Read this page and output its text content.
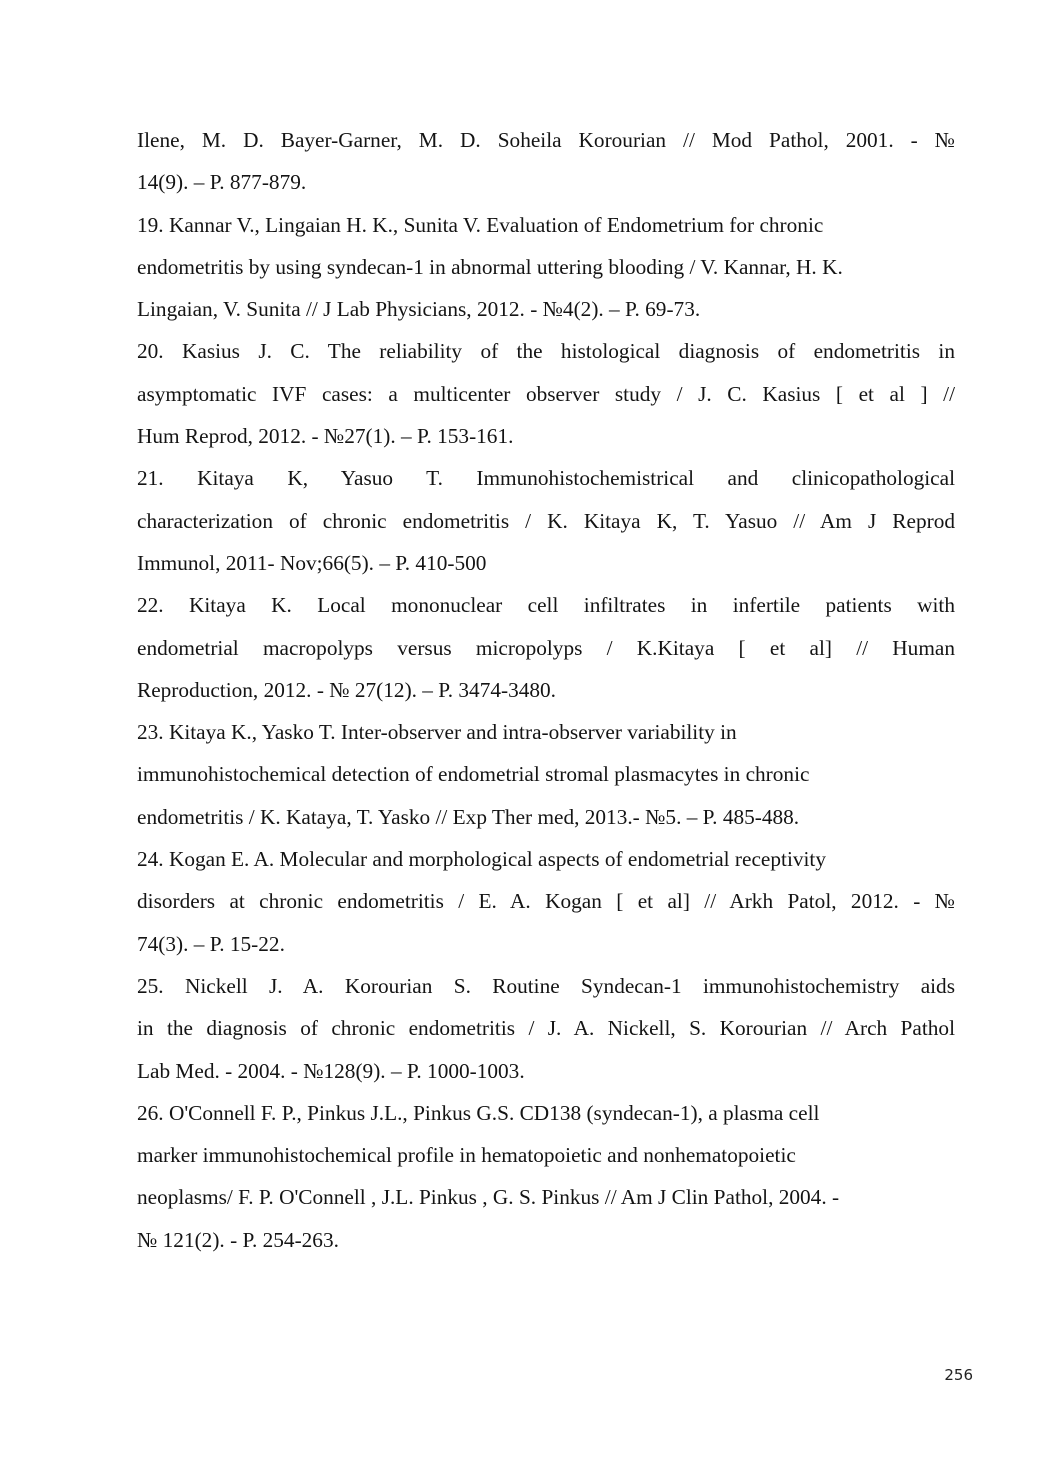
Ilene, M. D. Bayer-Garner, M. D. Soheila Korourian // Mod Pathol, 2001. - №
14(9). – P. 877-879.
19. Kannar V., Lingaian H. K., Sunita V. Evaluation of Endometrium for chronic
endometritis by using syndecan-1 in abnormal uttering blooding / V. Kannar, H. K.
Lingaian, V. Sunita // J Lab Physicians, 2012. - №4(2). – P. 69-73.
20. Kasius J. C. The reliability of the histological diagnosis of endometritis in
asymptomatic IVF cases: a multicenter observer study / J. C. Kasius [ et al ] //
Hum Reprod, 2012. - №27(1). – P. 153-161.
21. Kitaya K, Yasuo T. Immunohistochemistrical and clinicopathological
characterization of chronic endometritis / K. Kitaya K, T. Yasuo // Am J Reprod
Immunol, 2011- Nov;66(5). – P. 410-500
22. Kitaya K. Local mononuclear cell infiltrates in infertile patients with
endometrial macropolyps versus micropolyps / K.Kitaya [ et al] // Human
Reproduction, 2012. - № 27(12). – P. 3474-3480.
23. Kitaya K., Yasko T. Inter-observer and intra-observer variability in
immunohistochemical detection of endometrial stromal plasmacytes in chronic
endometritis / K. Kataya, T. Yasko // Exp Ther med, 2013.- №5. – P. 485-488.
24. Kogan E. A. Molecular and morphological aspects of endometrial receptivity
disorders at chronic endometritis / E. A. Kogan [ et al] // Arkh Patol, 2012. - №
74(3). – P. 15-22.
25. Nickell J. A. Korourian S. Routine Syndecan-1 immunohistochemistry aids
in the diagnosis of chronic endometritis / J. A. Nickell, S. Korourian // Arch Pathol
Lab Med. - 2004. - №128(9). – P. 1000-1003.
26. O'Connell F. P., Pinkus J.L., Pinkus G.S. CD138 (syndecan-1), a plasma cell
marker immunohistochemical profile in hematopoietic and nonhematopoietic
neoplasms/ F. P. O'Connell , J.L. Pinkus , G. S. Pinkus // Am J Clin Pathol, 2004. -
№ 121(2). - P. 254-263.
256
